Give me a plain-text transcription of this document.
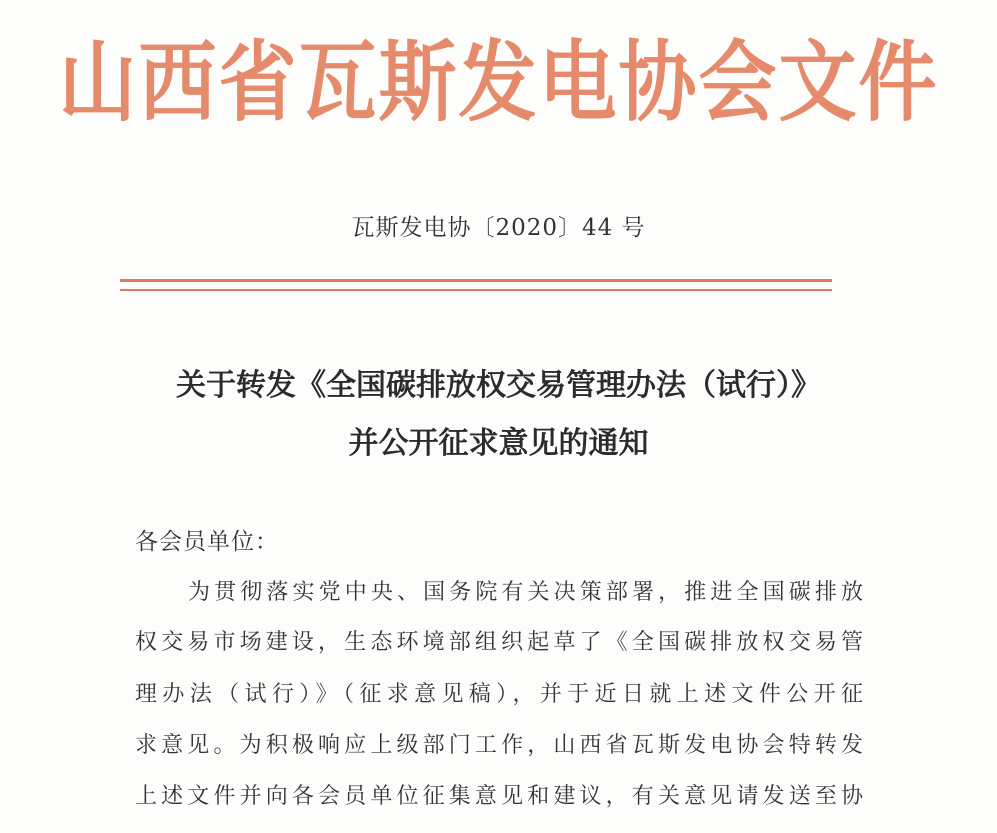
山西省瓦斯发电协会文件
瓦斯发电协〔2020〕44 号
关于转发《全国碳排放权交易管理办法（试行）》
并公开征求意见的通知
各会员单位：
为贯彻落实党中央、国务院有关决策部署，推进全国碳排放
权交易市场建设，生态环境部组织起草了《全国碳排放权交易管
理办法（试行）》（征求意见稿），并于近日就上述文件公开征
求意见。为积极响应上级部门工作，山西省瓦斯发电协会特转发
上述文件并向各会员单位征集意见和建议，有关意见请发送至协
